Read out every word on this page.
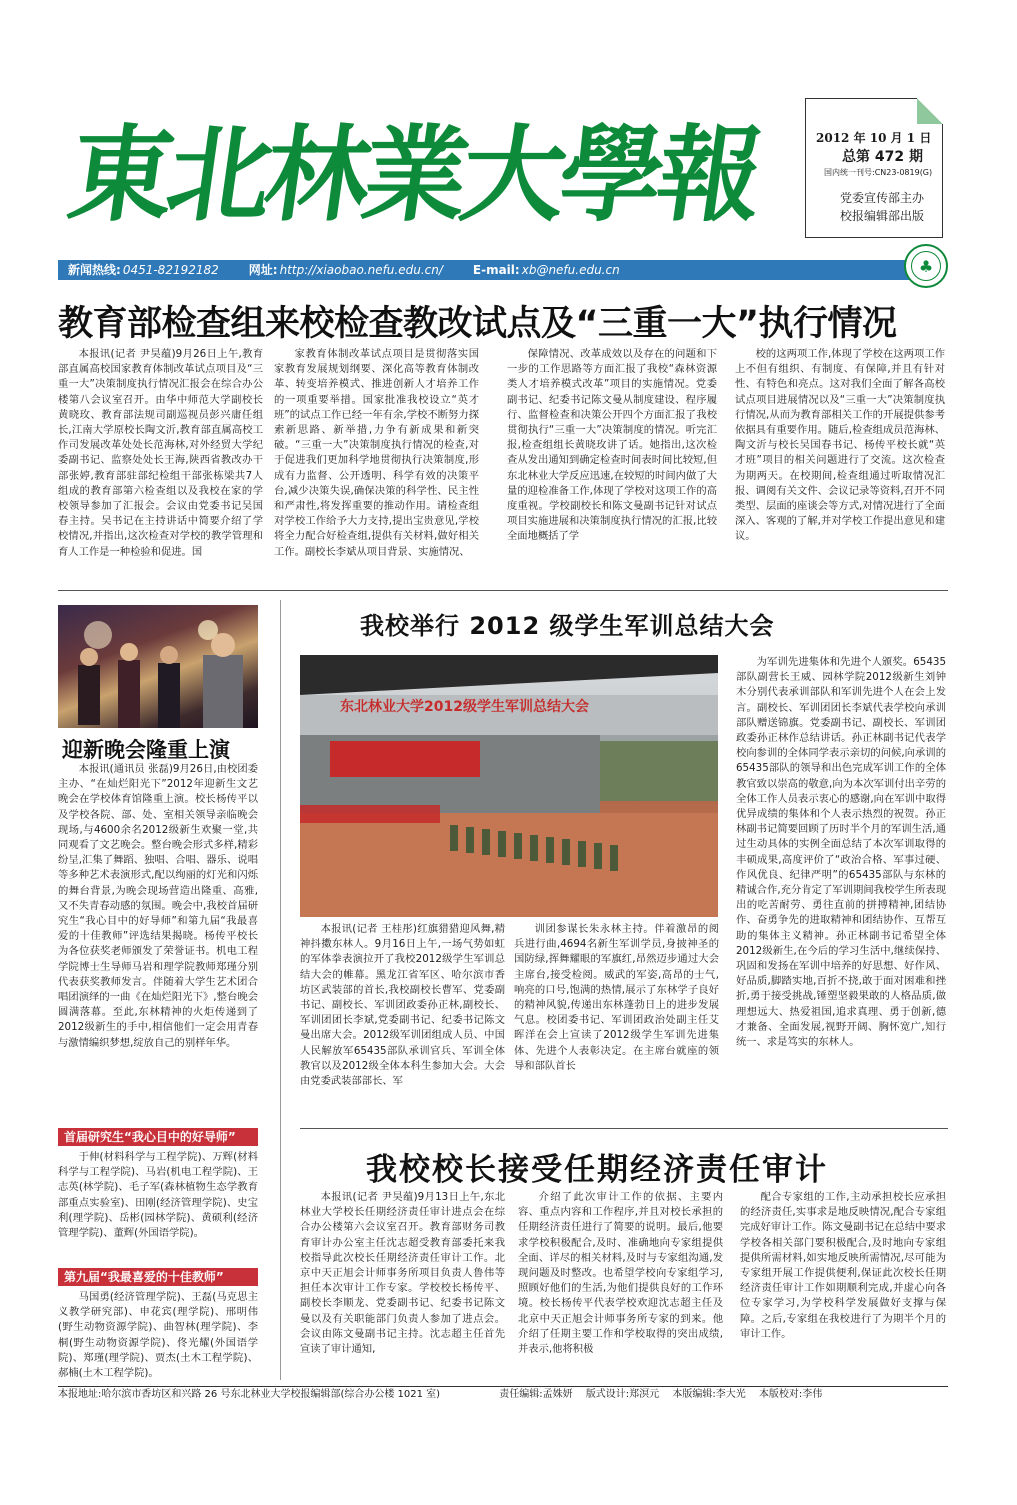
東北林業大學報	2012 年 10 月 1 日
总第 472 期
国内统一刊号:CN23-0819(G)
党委宣传部主办
校报编辑部出版
新闻热线: 0451-82192182	网址: http://xiaobao.nefu.edu.cn/	E-mail: xb@nefu.edu.cn	♣
教育部检查组来校检查教改试点及“三重一大”执行情况

本报讯(记者 尹昊蕴)9月26日上午,教育部直属高校国家教育体制改革试点项目及“三重一大”决策制度执行情况汇报会在综合办公楼第八会议室召开。由华中师范大学副校长黄晓玫、教育部法规司副巡视员彭兴庸任组长,江南大学原校长陶文沂,教育部直属高校工作司发展改革处处长范海林,对外经贸大学纪委副书记、监察处处长王海,陕西省教改办干部张婷,教育部驻部纪检组干部张栋梁共7人组成的教育部第六检查组以及我校在家的学校领导参加了汇报会。会议由党委书记吴国春主持。吴书记在主持讲话中简要介绍了学校情况,并指出,这次检查对学校的教学管理和育人工作是一种检验和促进。国

家教育体制改革试点项目是贯彻落实国家教育发展规划纲要、深化高等教育体制改革、转变培养模式、推进创新人才培养工作的一项重要举措。国家批准我校设立“英才班”的试点工作已经一年有余,学校不断努力探索新思路、新举措,力争有新成果和新突破。“三重一大”决策制度执行情况的检查,对于促进我们更加科学地贯彻执行决策制度,形成有力监督、公开透明、科学有效的决策平台,减少决策失误,确保决策的科学性、民主性和严肃性,将发挥重要的推动作用。请检查组对学校工作给予大力支持,提出宝贵意见,学校将全力配合好检查组,提供有关材料,做好相关工作。副校长李斌从项目背景、实施情况、

保障情况、改革成效以及存在的问题和下一步的工作思路等方面汇报了我校“森林资源类人才培养模式改革”项目的实施情况。党委副书记、纪委书记陈文曼从制度建设、程序履行、监督检查和决策公开四个方面汇报了我校贯彻执行“三重一大”决策制度的情况。听完汇报,检查组组长黄晓玫讲了话。她指出,这次检查从发出通知到确定检查时间表时间比较短,但东北林业大学反应迅速,在较短的时间内做了大量的迎检准备工作,体现了学校对这项工作的高度重视。学校副校长和陈文曼副书记针对试点项目实施进展和决策制度执行情况的汇报,比较全面地概括了学

校的这两项工作,体现了学校在这两项工作上不但有组织、有制度、有保障,并且有针对性、有特色和亮点。这对我们全面了解各高校试点项目进展情况以及“三重一大”决策制度执行情况,从而为教育部相关工作的开展提供参考依据具有重要作用。随后,检查组成员范海林、陶文沂与校长吴国春书记、杨传平校长就“英才班”项目的相关问题进行了交流。这次检查为期两天。在校期间,检查组通过听取情况汇报、调阅有关文件、会议记录等资料,召开不同类型、层面的座谈会等方式,对情况进行了全面深入、客观的了解,并对学校工作提出意见和建议。

迎新晚会隆重上演

本报讯(通讯员 张磊)9月26日,由校团委主办、“在灿烂阳光下”2012年迎新生文艺晚会在学校体育馆隆重上演。校长杨传平以及学校各院、部、处、室相关领导亲临晚会现场,与4600余名2012级新生欢聚一堂,共同观看了文艺晚会。整台晚会形式多样,精彩纷呈,汇集了舞蹈、独唱、合唱、器乐、说唱等多种艺术表演形式,配以绚丽的灯光和闪烁的舞台背景,为晚会现场营造出隆重、高雅,又不失青春动感的氛围。晚会中,我校首届研究生“我心目中的好导师”和第九届“我最喜爱的十佳教师”评选结果揭晓。杨传平校长为各位获奖老师颁发了荣誉证书。机电工程学院博士生导师马岩和理学院教师郑瑾分别代表获奖教师发言。伴随着大学生艺术团合唱团演绎的一曲《在灿烂阳光下》,整台晚会圆满落幕。至此,东林精神的火炬传递到了2012级新生的手中,相信他们一定会用青春与激情编织梦想,绽放自己的别样年华。

首届研究生“我心目中的好导师”

于伸(材料科学与工程学院)、万辉(材料科学与工程学院)、马岩(机电工程学院)、王志英(林学院)、毛子军(森林植物生态学教育部重点实验室)、田刚(经济管理学院)、史宝利(理学院)、岳彬(园林学院)、黄硕利(经济管理学院)、董辉(外国语学院)。

第九届“我最喜爱的十佳教师”

马国勇(经济管理学院)、王磊(马克思主义教学研究部)、申花宾(理学院)、邢明伟(野生动物资源学院)、曲智林(理学院)、李桐(野生动物资源学院)、佟光耀(外国语学院)、郑瑾(理学院)、贾杰(土木工程学院)、郝楠(土木工程学院)。

我校举行 2012 级学生军训总结大会
东北林业大学2012级学生军训总结大会

本报讯(记者 王桂彤)红旗猎猎迎风舞,精神抖擞东林人。9月16日上午,一场气势如虹的军体拳表演拉开了我校2012级学生军训总结大会的帷幕。黑龙江省军区、哈尔滨市香坊区武装部的首长,我校副校长曹军、党委副书记、副校长、军训团政委孙正林,副校长、军训团团长李斌,党委副书记、纪委书记陈文曼出席大会。2012级军训团组成人员、中国人民解放军65435部队承训官兵、军训全体教官以及2012级全体本科生参加大会。大会由党委武装部部长、军

训团参谋长朱永林主持。伴着激昂的阅兵进行曲,4694名新生军训学员,身披神圣的国防绿,挥舞耀眼的军旗红,昂然迈步通过大会主席台,接受检阅。威武的军姿,高昂的士气,响亮的口号,饱满的热情,展示了东林学子良好的精神风貌,传递出东林蓬勃日上的进步发展气息。校团委书记、军训团政治处副主任艾晖洋在会上宣读了2012级学生军训先进集体、先进个人表彰决定。在主席台就座的领导和部队首长

为军训先进集体和先进个人颁奖。65435部队副营长王威、园林学院2012级新生刘钟木分别代表承训部队和军训先进个人在会上发言。副校长、军训团团长李斌代表学校向承训部队赠送锦旗。党委副书记、副校长、军训团政委孙正林作总结讲话。孙正林副书记代表学校向参训的全体同学表示亲切的问候,向承训的65435部队的领导和出色完成军训工作的全体教官致以崇高的敬意,向为本次军训付出辛劳的全体工作人员表示衷心的感谢,向在军训中取得优异成绩的集体和个人表示热烈的祝贺。孙正林副书记简要回顾了历时半个月的军训生活,通过生动具体的实例全面总结了本次军训取得的丰硕成果,高度评价了“政治合格、军事过硬、作风优良、纪律严明”的65435部队与东林的精诚合作,充分肯定了军训期间我校学生所表现出的吃苦耐劳、勇往直前的拼搏精神,团结协作、奋勇争先的进取精神和团结协作、互帮互助的集体主义精神。孙正林副书记希望全体2012级新生,在今后的学习生活中,继续保持、巩固和发扬在军训中培养的好思想、好作风、好品质,脚踏实地,百折不挠,敢于面对困难和挫折,勇于接受挑战,锤塑坚毅果敢的人格品质,做理想远大、热爱祖国,追求真理、勇于创新,德才兼备、全面发展,视野开阔、胸怀宽广,知行统一、求是笃实的东林人。

我校校长接受任期经济责任审计

本报讯(记者 尹昊蕴)9月13日上午,东北林业大学校长任期经济责任审计进点会在综合办公楼第六会议室召开。教育部财务司教育审计办公室主任沈志超受教育部委托来我校指导此次校长任期经济责任审计工作。北京中天正旭会计师事务所项目负责人鲁伟等担任本次审计工作专家。学校校长杨传平、副校长李顺龙、党委副书记、纪委书记陈文曼以及有关职能部门负责人参加了进点会。会议由陈文曼副书记主持。沈志超主任首先宣读了审计通知,

介绍了此次审计工作的依据、主要内容、重点内容和工作程序,并且对校长承担的任期经济责任进行了简要的说明。最后,他要求学校积极配合,及时、准确地向专家组提供全面、详尽的相关材料,及时与专家组沟通,发现问题及时整改。也希望学校向专家组学习,照顾好他们的生活,为他们提供良好的工作环境。校长杨传平代表学校欢迎沈志超主任及北京中天正旭会计师事务所专家的到来。他介绍了任期主要工作和学校取得的突出成绩,并表示,他将积极

配合专家组的工作,主动承担校长应承担的经济责任,实事求是地反映情况,配合专家组完成好审计工作。陈文曼副书记在总结中要求学校各相关部门要积极配合,及时地向专家组提供所需材料,如实地反映所需情况,尽可能为专家组开展工作提供便利,保证此次校长任期经济责任审计工作如期顺利完成,并虚心向各位专家学习,为学校科学发展做好支撑与保障。之后,专家组在我校进行了为期半个月的审计工作。

本报地址:哈尔滨市香坊区和兴路 26 号东北林业大学校报编辑部(综合办公楼 1021 室)	责任编辑:孟姝妍 版式设计:郑溟元 本版编辑:李大光 本版校对:李伟
